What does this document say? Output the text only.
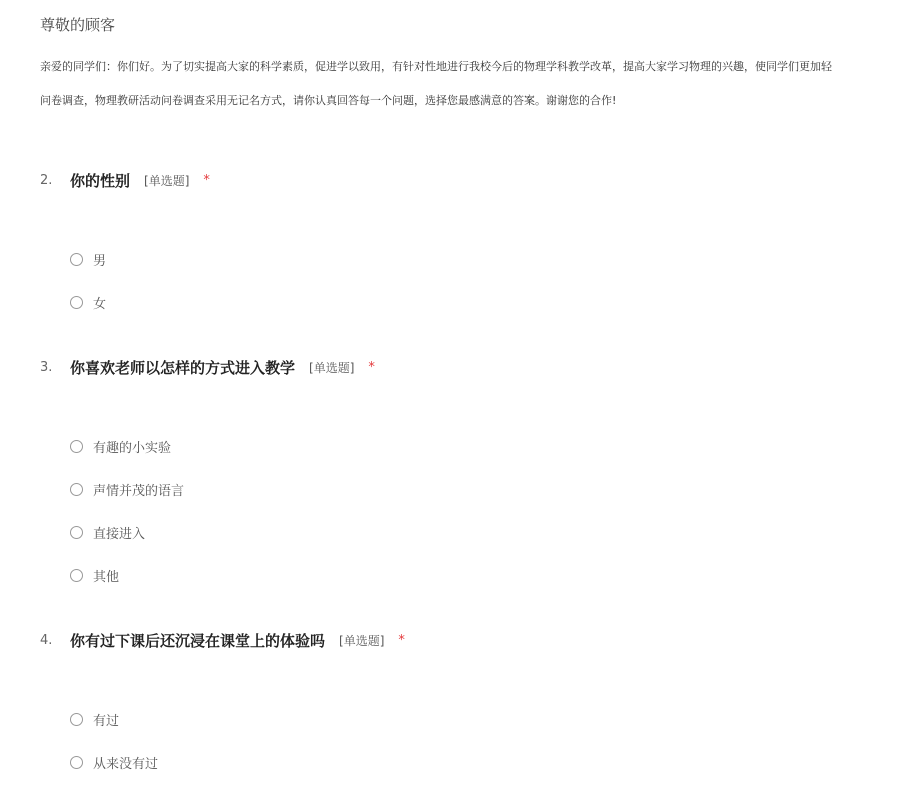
尊敬的顾客

亲爱的同学们：你们好。为了切实提高大家的科学素质，促进学以致用，有针对性地进行我校今后的物理学科教学改革，提高大家学习物理的兴趣，使同学们更加轻
问卷调查，物理教研活动问卷调查采用无记名方式，请你认真回答每一个问题，选择您最感满意的答案。谢谢您的合作!
2.	你的性别 [单选题] *
男
女
3.	你喜欢老师以怎样的方式进入教学 [单选题] *
有趣的小实验
声情并茂的语言
直接进入
其他
4.	你有过下课后还沉浸在课堂上的体验吗 [单选题] *
有过
从来没有过
